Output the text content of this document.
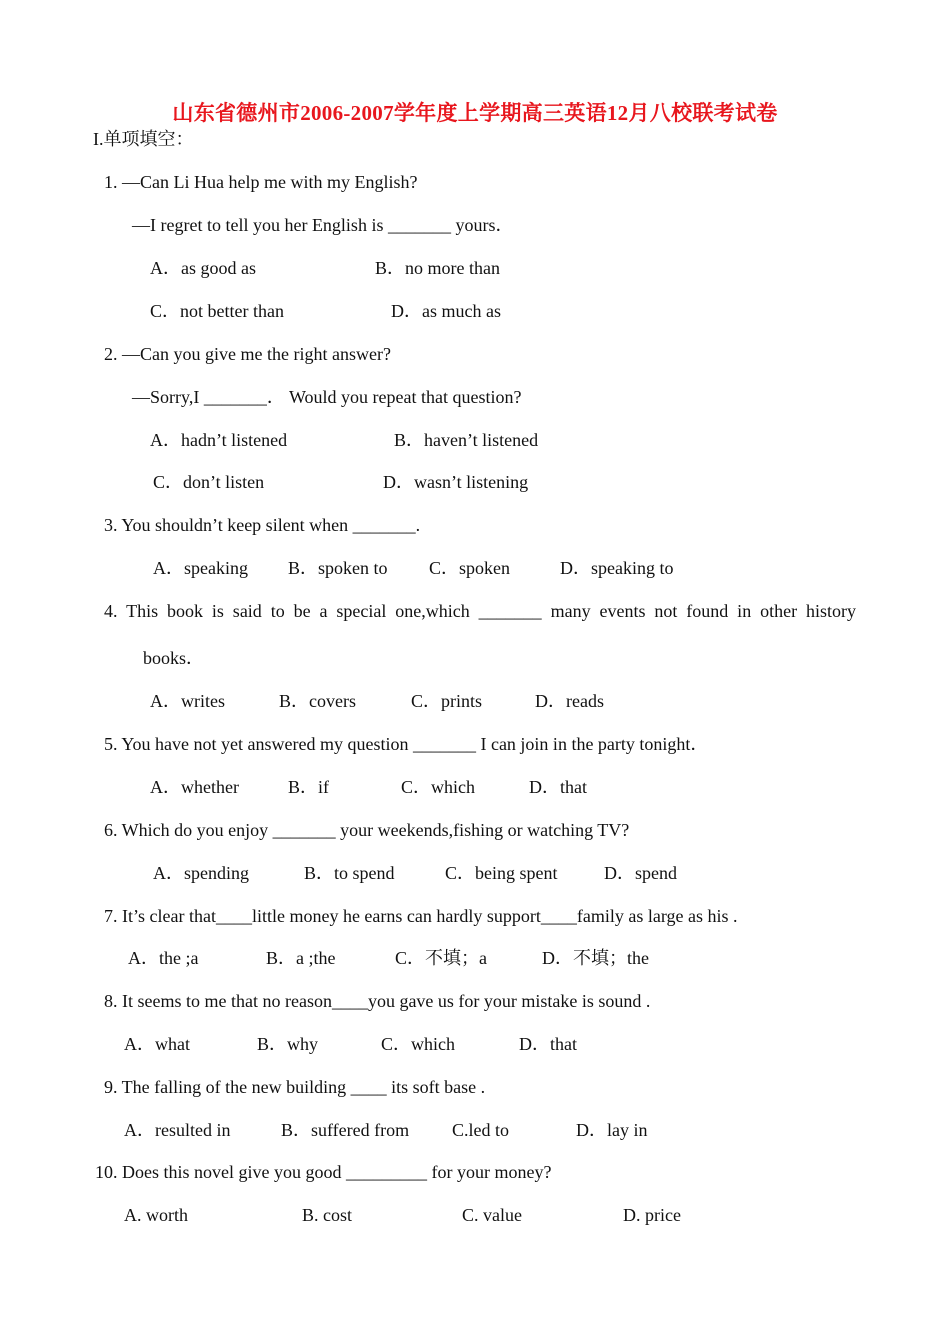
山东省德州市2006-2007学年度上学期高三英语12月八校联考试卷
I.单项填空：
1. —Can Li Hua help me with my English?
—I regret to tell you her English is _______ yours．
A．as good as	B．no more than
C．not better than	D．as much as
2. —Can you give me the right answer?
—Sorry,I _______． Would you repeat that question?
A．hadn’t listened	B．haven’t listened
C．don’t listen	D．wasn’t listening
3. You shouldn’t keep silent when _______.
A．speaking B．spoken to C．spoken	D．speaking to
4. This book is said to be a special one,which _______ many events not found in other history
books．
A．writes	B．covers	C．prints	D．reads
5. You have not yet answered my question _______ I can join in the party tonight．
A．whether	B．if	C．which	D．that
6. Which do you enjoy _______ your weekends,fishing or watching TV?
A．spending	B．to spend	C．being spent	D．spend
7. It’s clear that____little money he earns can hardly support____family as large as his .
A．the ;a	B．a ;the	C．不填；a	D．不填；the
8. It seems to me that no reason____you gave us for your mistake is sound .
A．what	B．why	C．which	D．that
9. The falling of the new building ____ its soft base .
A．resulted in	B．suffered from C.led to	D．lay in
10. Does this novel give you good _________ for your money?
A. worth	B. cost	C. value	D. price
